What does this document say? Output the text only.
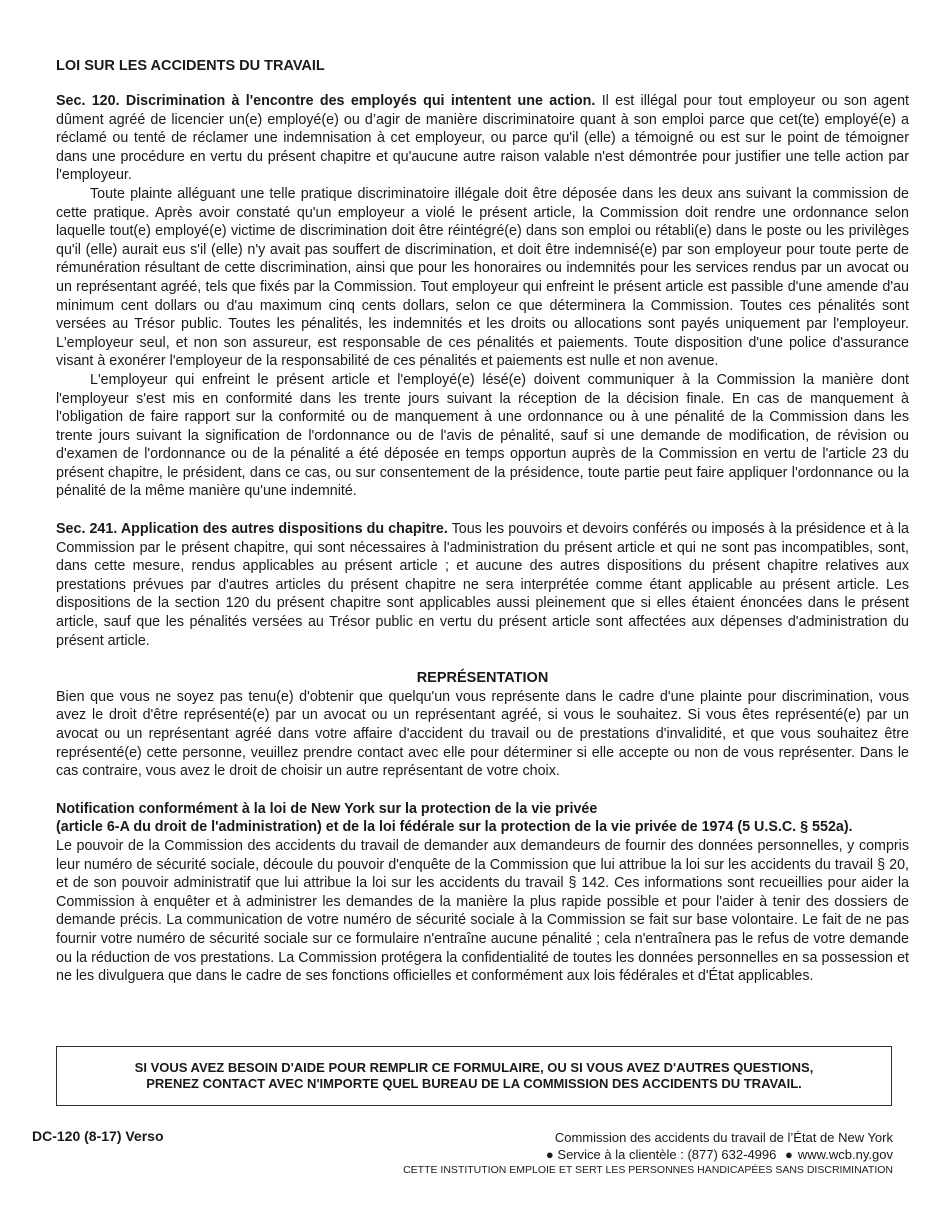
LOI SUR LES ACCIDENTS DU TRAVAIL

Sec. 120. Discrimination à l'encontre des employés qui intentent une action. Il est illégal pour tout employeur ou son agent dûment agréé de licencier un(e) employé(e) ou d’agir de manière discriminatoire quant à son emploi parce que cet(te) employé(e) a réclamé ou tenté de réclamer une indemnisation à cet employeur, ou parce qu'il (elle) a témoigné ou est sur le point de témoigner dans une procédure en vertu du présent chapitre et qu'aucune autre raison valable n'est démontrée pour justifier une telle action par l'employeur.

Toute plainte alléguant une telle pratique discriminatoire illégale doit être déposée dans les deux ans suivant la commission de cette pratique. Après avoir constaté qu'un employeur a violé le présent article, la Commission doit rendre une ordonnance selon laquelle tout(e) employé(e) victime de discrimination doit être réintégré(e) dans son emploi ou rétabli(e) dans le poste ou les privilèges qu'il (elle) aurait eus s'il (elle) n'y avait pas souffert de discrimination, et doit être indemnisé(e) par son employeur pour toute perte de rémunération résultant de cette discrimination, ainsi que pour les honoraires ou indemnités pour les services rendus par un avocat ou un représentant agréé, tels que fixés par la Commission. Tout employeur qui enfreint le présent article est passible d'une amende d'au minimum cent dollars ou d'au maximum cinq cents dollars, selon ce que déterminera la Commission. Toutes ces pénalités sont versées au Trésor public. Toutes les pénalités, les indemnités et les droits ou allocations sont payés uniquement par l'employeur. L'employeur seul, et non son assureur, est responsable de ces pénalités et paiements. Toute disposition d'une police d'assurance visant à exonérer l'employeur de la responsabilité de ces pénalités et paiements est nulle et non avenue.

L'employeur qui enfreint le présent article et l'employé(e) lésé(e) doivent communiquer à la Commission la manière dont l'employeur s'est mis en conformité dans les trente jours suivant la réception de la décision finale. En cas de manquement à l'obligation de faire rapport sur la conformité ou de manquement à une ordonnance ou à une pénalité de la Commission dans les trente jours suivant la signification de l'ordonnance ou de l'avis de pénalité, sauf si une demande de modification, de révision ou d'examen de l'ordonnance ou de la pénalité a été déposée en temps opportun auprès de la Commission en vertu de l'article 23 du présent chapitre, le président, dans ce cas, ou sur consentement de la présidence, toute partie peut faire appliquer l'ordonnance ou la pénalité de la même manière qu'une indemnité.

Sec. 241. Application des autres dispositions du chapitre. Tous les pouvoirs et devoirs conférés ou imposés à la présidence et à la Commission par le présent chapitre, qui sont nécessaires à l'administration du présent article et qui ne sont pas incompatibles, sont, dans cette mesure, rendus applicables au présent article ; et aucune des autres dispositions du présent chapitre relatives aux prestations prévues par d'autres articles du présent chapitre ne sera interprétée comme étant applicable au présent article. Les dispositions de la section 120 du présent chapitre sont applicables aussi pleinement que si elles étaient énoncées dans le présent article, sauf que les pénalités versées au Trésor public en vertu du présent article sont affectées aux dépenses d'administration du présent article.

REPRÉSENTATION

Bien que vous ne soyez pas tenu(e) d'obtenir que quelqu'un vous représente dans le cadre d'une plainte pour discrimination, vous avez le droit d'être représenté(e) par un avocat ou un représentant agréé, si vous le souhaitez. Si vous êtes représenté(e) par un avocat ou un représentant agréé dans votre affaire d'accident du travail ou de prestations d'invalidité, et que vous souhaitez être représenté(e) cette personne, veuillez prendre contact avec elle pour déterminer si elle accepte ou non de vous représenter. Dans le cas contraire, vous avez le droit de choisir un autre représentant de votre choix.

Notification conformément à la loi de New York sur la protection de la vie privée
(article 6-A du droit de l'administration) et de la loi fédérale sur la protection de la vie privée de 1974 (5 U.S.C. § 552a).

Le pouvoir de la Commission des accidents du travail de demander aux demandeurs de fournir des données personnelles, y compris leur numéro de sécurité sociale, découle du pouvoir d'enquête de la Commission que lui attribue la loi sur les accidents du travail § 20, et de son pouvoir administratif que lui attribue la loi sur les accidents du travail § 142. Ces informations sont recueillies pour aider la Commission à enquêter et à administrer les demandes de la manière la plus rapide possible et pour l'aider à tenir des dossiers de demande précis. La communication de votre numéro de sécurité sociale à la Commission se fait sur base volontaire. Le fait de ne pas fournir votre numéro de sécurité sociale sur ce formulaire n'entraîne aucune pénalité ; cela n'entraînera pas le refus de votre demande ou la réduction de vos prestations. La Commission protégera la confidentialité de toutes les données personnelles en sa possession et ne les divulguera que dans le cadre de ses fonctions officielles et conformément aux lois fédérales et d'État applicables.

SI VOUS AVEZ BESOIN D'AIDE POUR REMPLIR CE FORMULAIRE, OU SI VOUS AVEZ D'AUTRES QUESTIONS, PRENEZ CONTACT AVEC N'IMPORTE QUEL BUREAU DE LA COMMISSION DES ACCIDENTS DU TRAVAIL.
DC-120 (8-17) Verso	Commission des accidents du travail de l’État de New York
● Service à la clientèle : (877) 632-4996 ● www.wcb.ny.gov
CETTE INSTITUTION EMPLOIE ET SERT LES PERSONNES HANDICAPÉES SANS DISCRIMINATION
